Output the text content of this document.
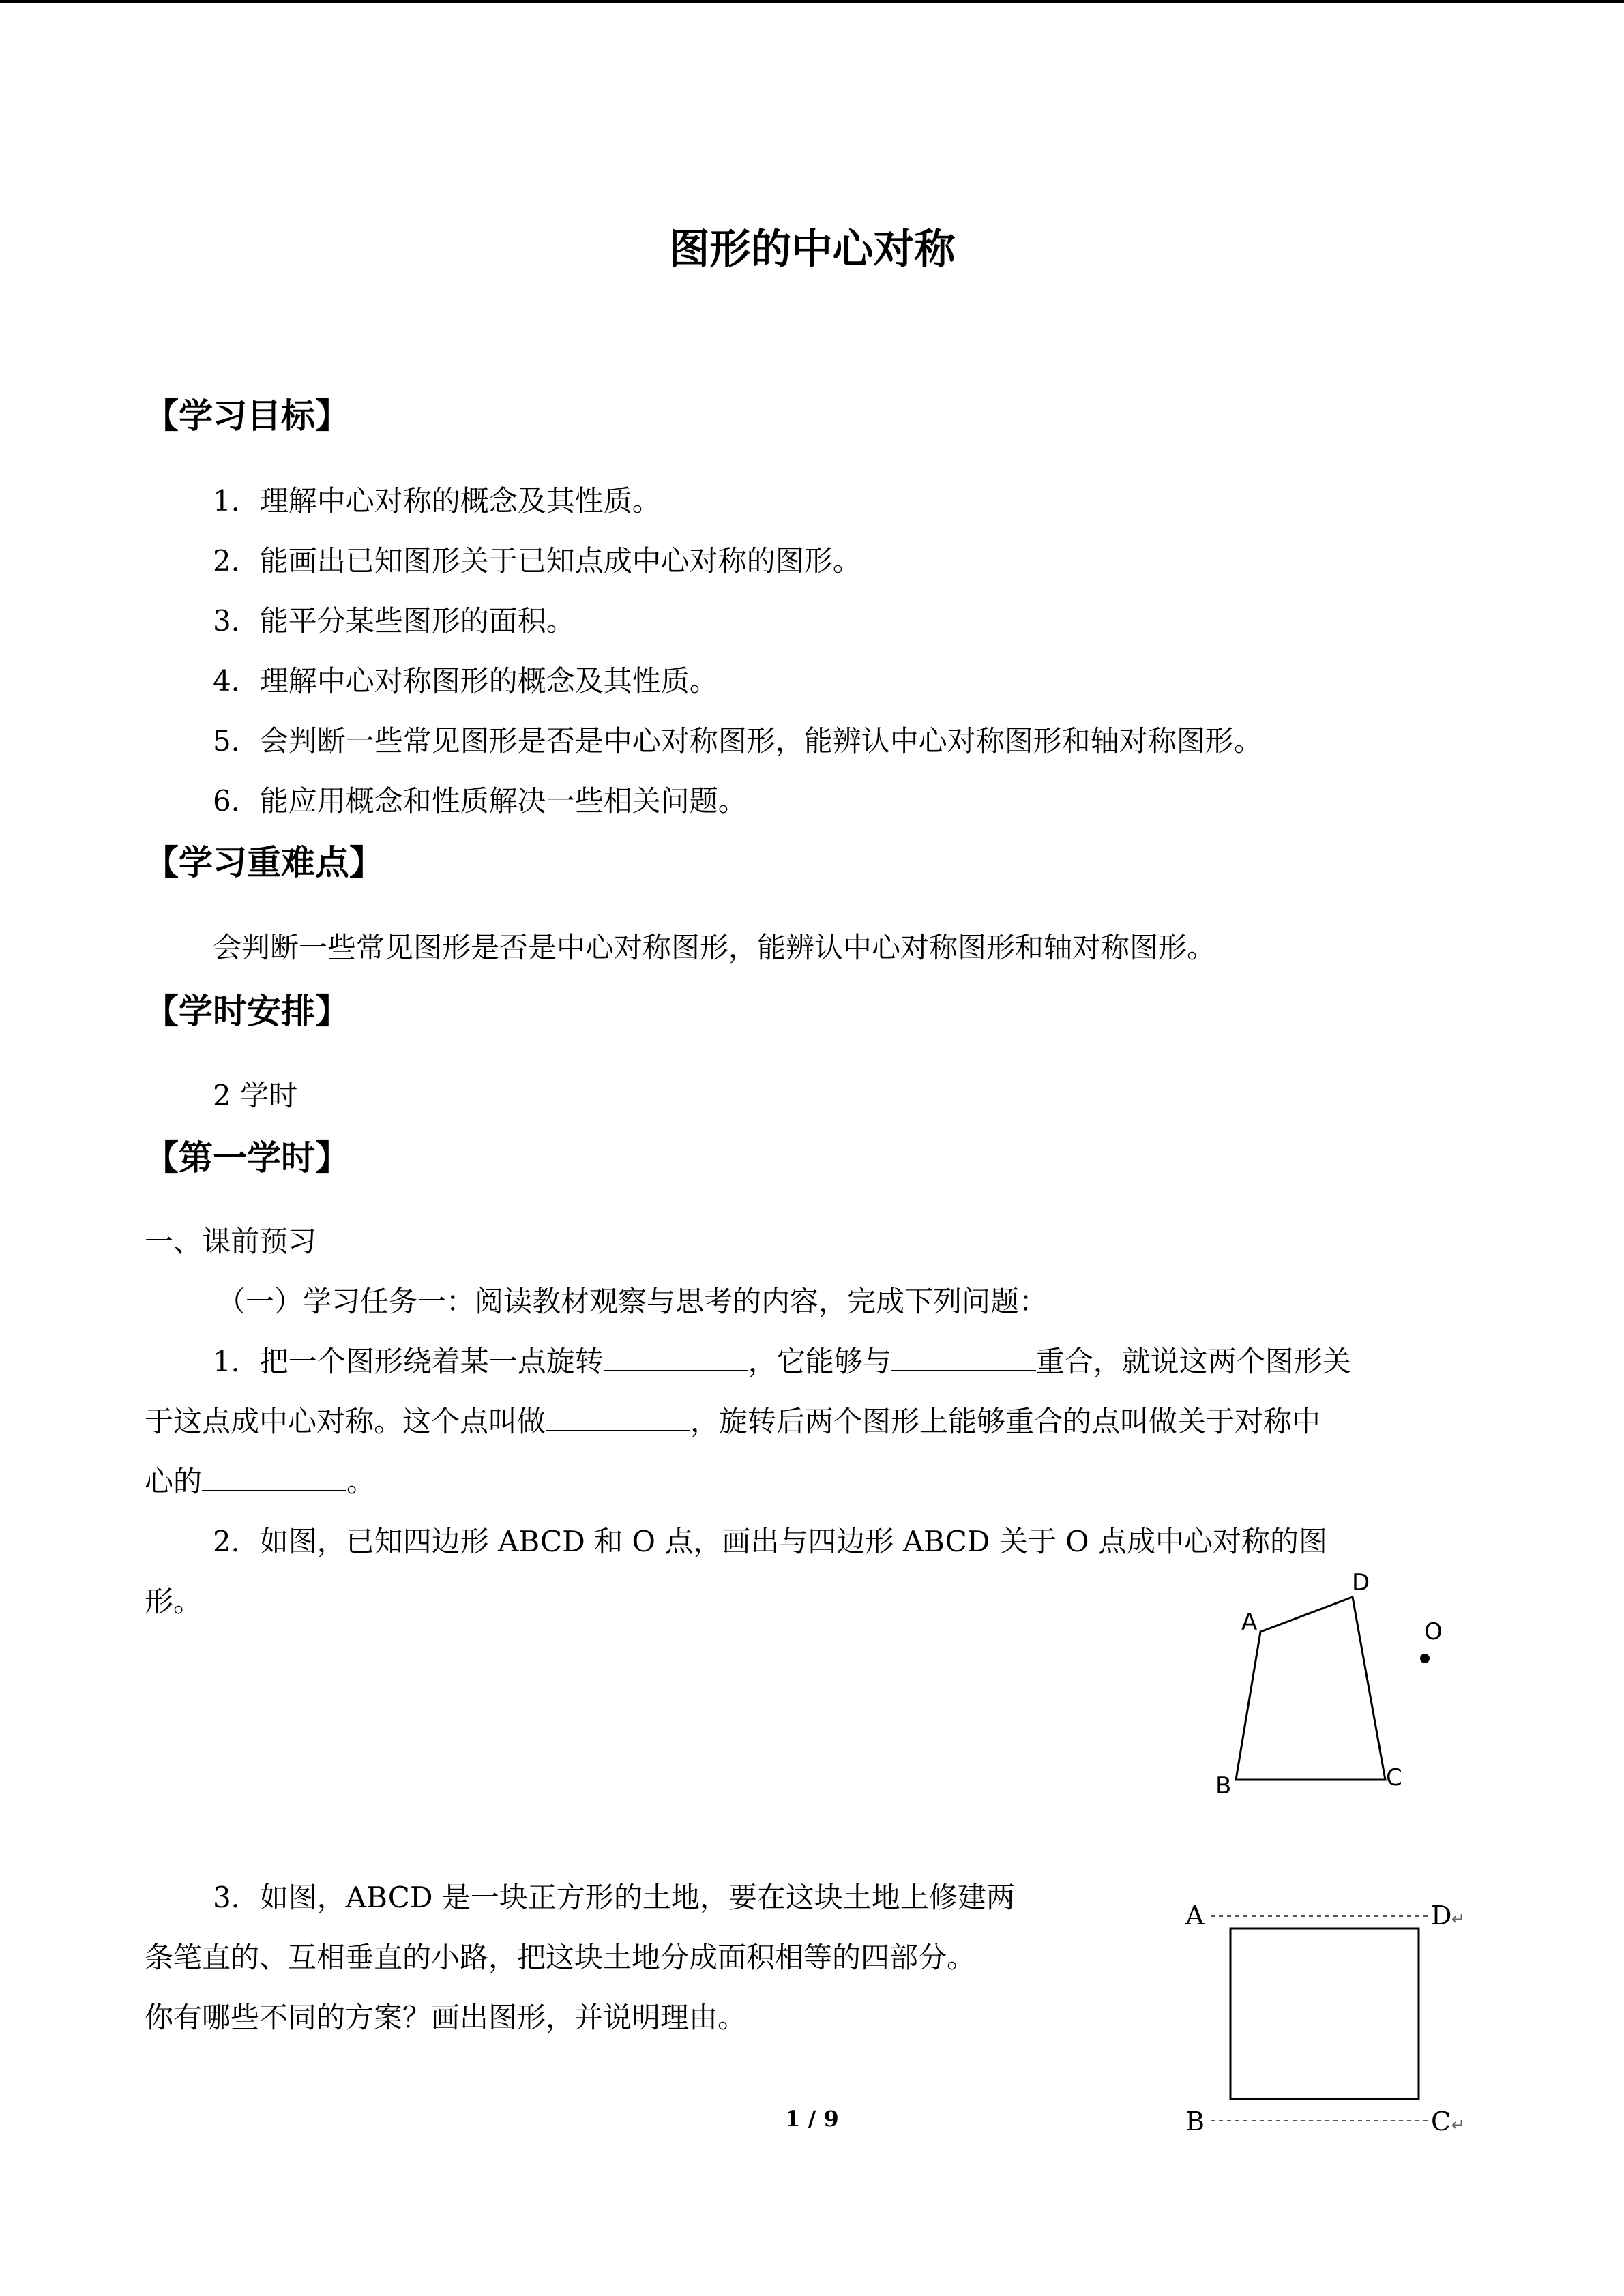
图形的中心对称
【学习目标】
1．理解中心对称的概念及其性质。
2．能画出已知图形关于已知点成中心对称的图形。
3．能平分某些图形的面积。
4．理解中心对称图形的概念及其性质。
5．会判断一些常见图形是否是中心对称图形，能辨认中心对称图形和轴对称图形。
6．能应用概念和性质解决一些相关问题。
【学习重难点】
会判断一些常见图形是否是中心对称图形，能辨认中心对称图形和轴对称图形。
【学时安排】
2 学时
【第一学时】
一、课前预习
（一）学习任务一：阅读教材观察与思考的内容，完成下列问题：
1．把一个图形绕着某一点旋转	，它能够与	重合，就说这两个图形关
于这点成中心对称。这个点叫做	，旋转后两个图形上能够重合的点叫做关于对称中
心的	。
2．如图，已知四边形 ABCD 和 O 点，画出与四边形 ABCD 关于 O 点成中心对称的图
形。
A
D
O
B	C
3．如图，ABCD 是一块正方形的土地，要在这块土地上修建两
条笔直的、互相垂直的小路，把这块土地分成面积相等的四部分。
你有哪些不同的方案？画出图形，并说明理由。
A	D ↵
B	C ↵
1 / 9
